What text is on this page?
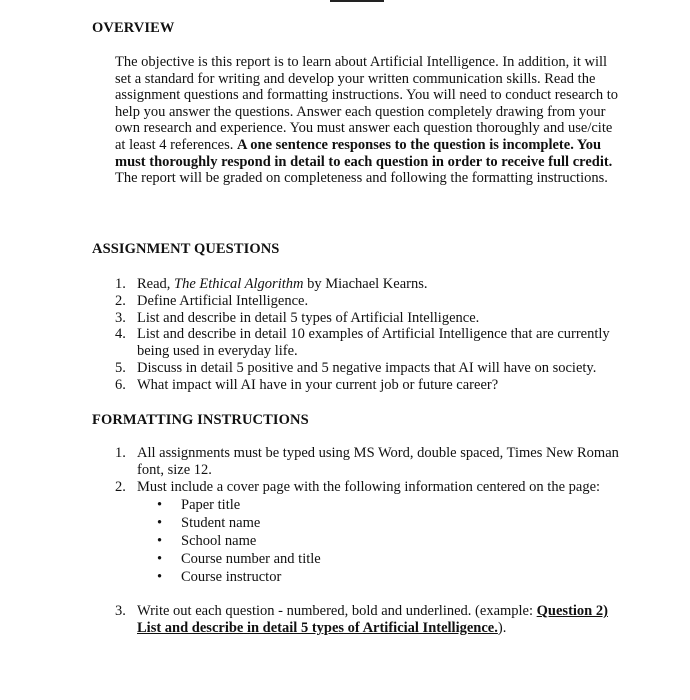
OVERVIEW
The objective is this report is to learn about Artificial Intelligence. In addition, it will set a standard for writing and develop your written communication skills. Read the assignment questions and formatting instructions. You will need to conduct research to help you answer the questions. Answer each question completely drawing from your own research and experience. You must answer each question thoroughly and use/cite at least 4 references. A one sentence responses to the question is incomplete. You must thoroughly respond in detail to each question in order to receive full credit. The report will be graded on completeness and following the formatting instructions.
ASSIGNMENT QUESTIONS
1. Read, The Ethical Algorithm by Miachael Kearns.
2. Define Artificial Intelligence.
3. List and describe in detail 5 types of Artificial Intelligence.
4. List and describe in detail 10 examples of Artificial Intelligence that are currently being used in everyday life.
5. Discuss in detail 5 positive and 5 negative impacts that AI will have on society.
6. What impact will AI have in your current job or future career?
FORMATTING INSTRUCTIONS
1. All assignments must be typed using MS Word, double spaced, Times New Roman font, size 12.
2. Must include a cover page with the following information centered on the page:
• Paper title
• Student name
• School name
• Course number and title
• Course instructor
3. Write out each question - numbered, bold and underlined. (example: Question 2) List and describe in detail 5 types of Artificial Intelligence.).
